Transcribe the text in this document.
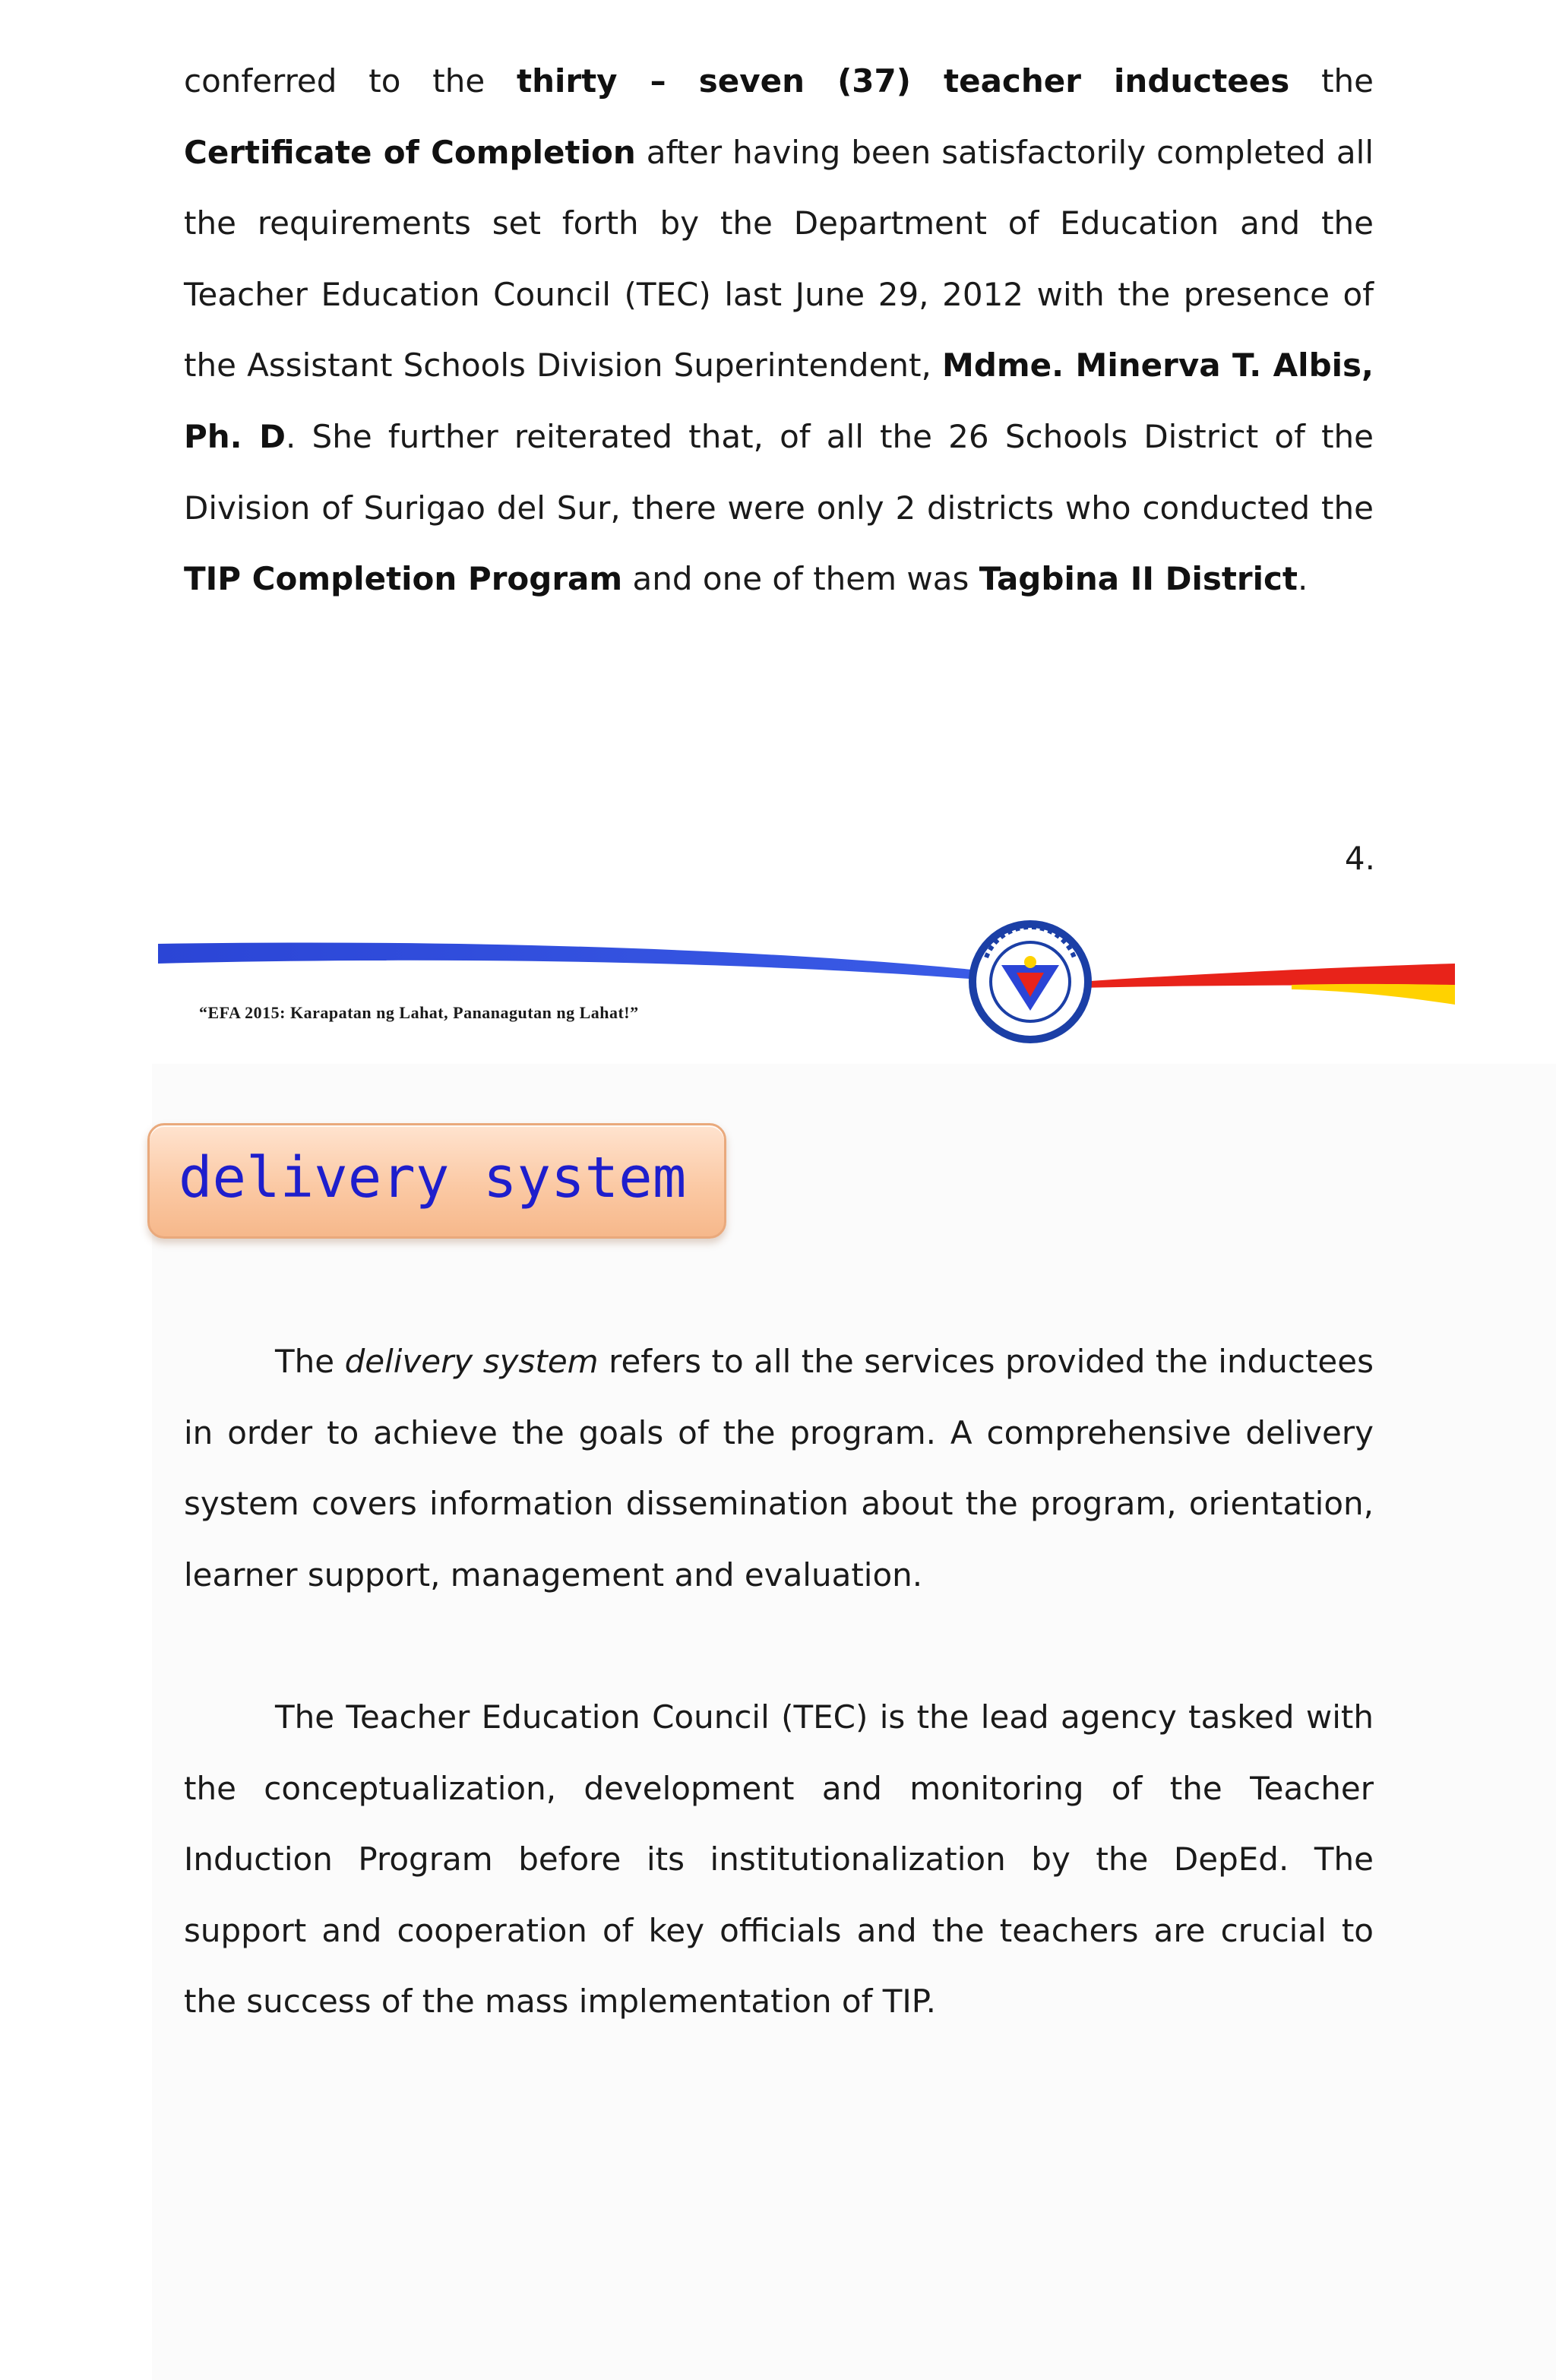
conferred to the thirty – seven (37) teacher inductees the Certificate of Completion after having been satisfactorily completed all the requirements set forth by the Department of Education and the Teacher Education Council (TEC) last June 29, 2012 with the presence of the Assistant Schools Division Superintendent, Mdme. Minerva T. Albis, Ph. D. She further reiterated that, of all the 26 Schools District of the Division of Surigao del Sur, there were only 2 districts who conducted the TIP Completion Program and one of them was Tagbina II District.

4.
“EFA 2015: Karapatan ng Lahat, Pananagutan ng Lahat!”
delivery system

The delivery system refers to all the services provided the inductees in order to achieve the goals of the program. A comprehensive delivery system covers information dissemination about the program, orientation, learner support, management and evaluation.

The Teacher Education Council (TEC) is the lead agency tasked with the conceptualization, development and monitoring of the Teacher Induction Program before its institutionalization by the DepEd. The support and cooperation of key officials and the teachers are crucial to the success of the mass implementation of TIP.
